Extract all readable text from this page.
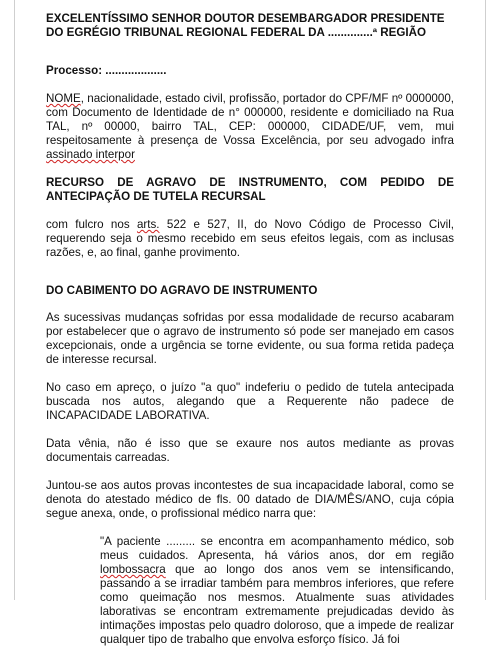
EXCELENTÍSSIMO SENHOR DOUTOR DESEMBARGADOR PRESIDENTE DO EGRÉGIO TRIBUNAL REGIONAL FEDERAL DA ..............ª REGIÃO

Processo: ...................

NOME, nacionalidade, estado civil, profissão, portador do CPF/MF nº 0000000, com Documento de Identidade de n° 000000, residente e domiciliado na Rua TAL, nº 00000, bairro TAL, CEP: 000000, CIDADE/UF, vem, mui respeitosamente à presença de Vossa Excelência, por seu advogado infra assinado interpor

RECURSO DE AGRAVO DE INSTRUMENTO, COM PEDIDO DE ANTECIPAÇÃO DE TUTELA RECURSAL

com fulcro nos arts. 522 e 527, II, do Novo Código de Processo Civil, requerendo seja o mesmo recebido em seus efeitos legais, com as inclusas razões, e, ao final, ganhe provimento.

DO CABIMENTO DO AGRAVO DE INSTRUMENTO

As sucessivas mudanças sofridas por essa modalidade de recurso acabaram por estabelecer que o agravo de instrumento só pode ser manejado em casos excepcionais, onde a urgência se torne evidente, ou sua forma retida padeça de interesse recursal.

No caso em apreço, o juízo "a quo" indeferiu o pedido de tutela antecipada buscada nos autos, alegando que a Requerente não padece de INCAPACIDADE LABORATIVA.

Data vênia, não é isso que se exaure nos autos mediante as provas documentais carreadas.

Juntou-se aos autos provas incontestes de sua incapacidade laboral, como se denota do atestado médico de fls. 00 datado de DIA/MÊS/ANO, cuja cópia segue anexa, onde, o profissional médico narra que:

"A paciente ......... se encontra em acompanhamento médico, sob meus cuidados. Apresenta, há vários anos, dor em região lombossacra que ao longo dos anos vem se intensificando, passando a se irradiar também para membros inferiores, que refere como queimação nos mesmos. Atualmente suas atividades laborativas se encontram extremamente prejudicadas devido às intimações impostas pelo quadro doloroso, que a impede de realizar qualquer tipo de trabalho que envolva esforço físico. Já foi
